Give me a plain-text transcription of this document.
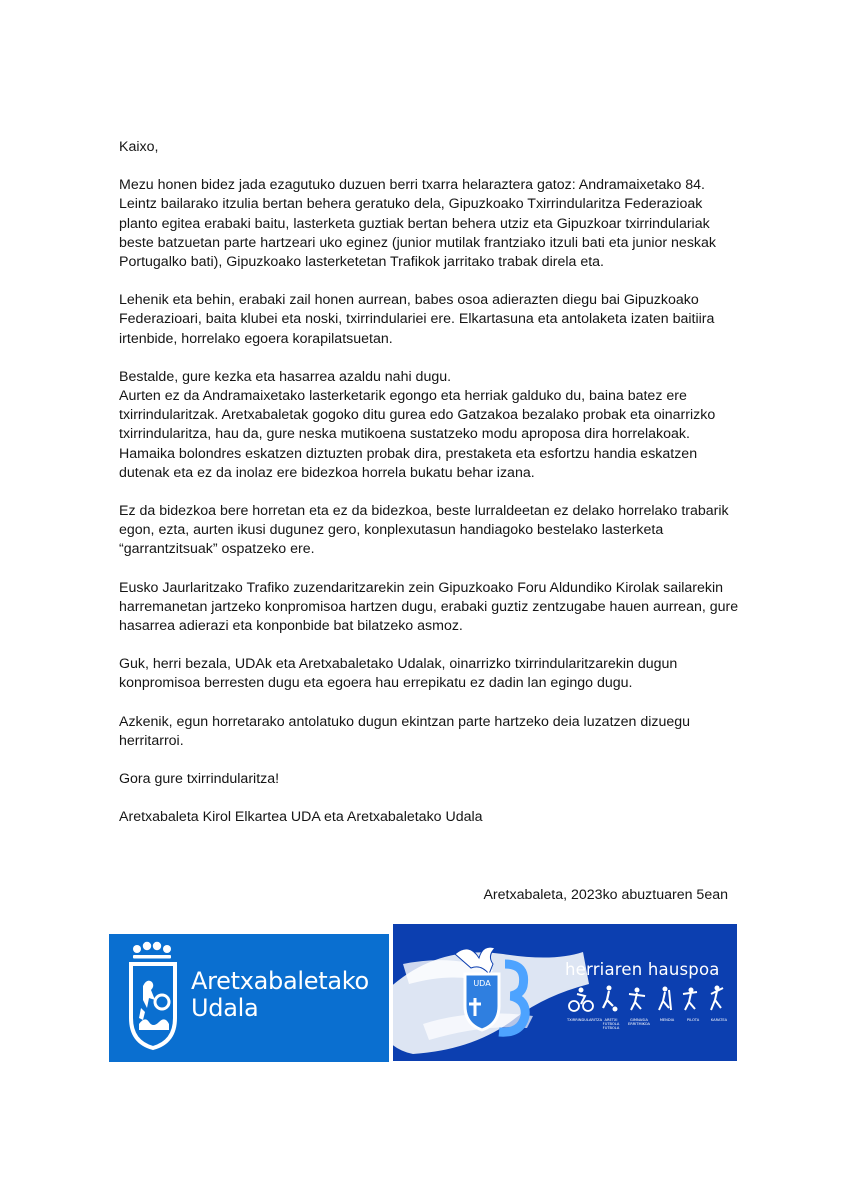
Kaixo,

Mezu honen bidez jada ezagutuko duzuen berri txarra helaraztera gatoz: Andramaixetako 84. Leintz bailarako itzulia bertan behera geratuko dela, Gipuzkoako Txirrindularitza Federazioak planto egitea erabaki baitu, lasterketa guztiak bertan behera utziz eta Gipuzkoar txirrindulariak beste batzuetan parte hartzeari uko eginez (junior mutilak frantziako itzuli bati eta junior neskak Portugalko bati), Gipuzkoako lasterketetan Trafikok jarritako trabak direla eta.

Lehenik eta behin, erabaki zail honen aurrean, babes osoa adierazten diegu bai Gipuzkoako Federazioari, baita klubei eta noski, txirrindulariei ere. Elkartasuna eta antolaketa izaten baitiira irtenbide, horrelako egoera korapilatsuetan.

Bestalde, gure kezka eta hasarrea azaldu nahi dugu.

Aurten ez da Andramaixetako lasterketarik egongo eta herriak galduko du, baina batez ere txirrindularitzak. Aretxabaletak gogoko ditu gurea edo Gatzakoa bezalako probak eta oinarrizko txirrindularitza, hau da, gure neska mutikoena sustatzeko modu aproposa dira horrelakoak.

Hamaika bolondres eskatzen diztuzten probak dira, prestaketa eta esfortzu handia eskatzen dutenak eta ez da inolaz ere bidezkoa horrela bukatu behar izana.

Ez da bidezkoa bere horretan eta ez da bidezkoa, beste lurraldeetan ez delako horrelako trabarik egon, ezta, aurten ikusi dugunez gero, konplexutasun handiagoko bestelako lasterketa “garrantzitsuak” ospatzeko ere.

Eusko Jaurlaritzako Trafiko zuzendaritzarekin zein Gipuzkoako Foru Aldundiko Kirolak sailarekin harremanetan jartzeko konpromisoa hartzen dugu, erabaki guztiz zentzugabe hauen aurrean, gure hasarrea adierazi eta konponbide bat bilatzeko asmoz.

Guk, herri bezala, UDAk eta Aretxabaletako Udalak, oinarrizko txirrindularitzarekin dugun konpromisoa berresten dugu eta egoera hau errepikatu ez dadin lan egingo dugu.

Azkenik, egun horretarako antolatuko dugun ekintzan parte hartzeko deia luzatzen dizuegu herritarroi.

Gora gure txirrindularitza!

Aretxabaleta Kirol Elkartea UDA eta Aretxabaletako Udala

Aretxabaleta, 2023ko abuztuaren 5ean
Aretxabaletako
Udala
UDA
herriaren hauspoa
TXIRRINDULARITZA ARETXI FUTBOLA FUTBOLA
GIMNASIA ERRITMIKOA
MENDIA	PILOTA	KARATEA
